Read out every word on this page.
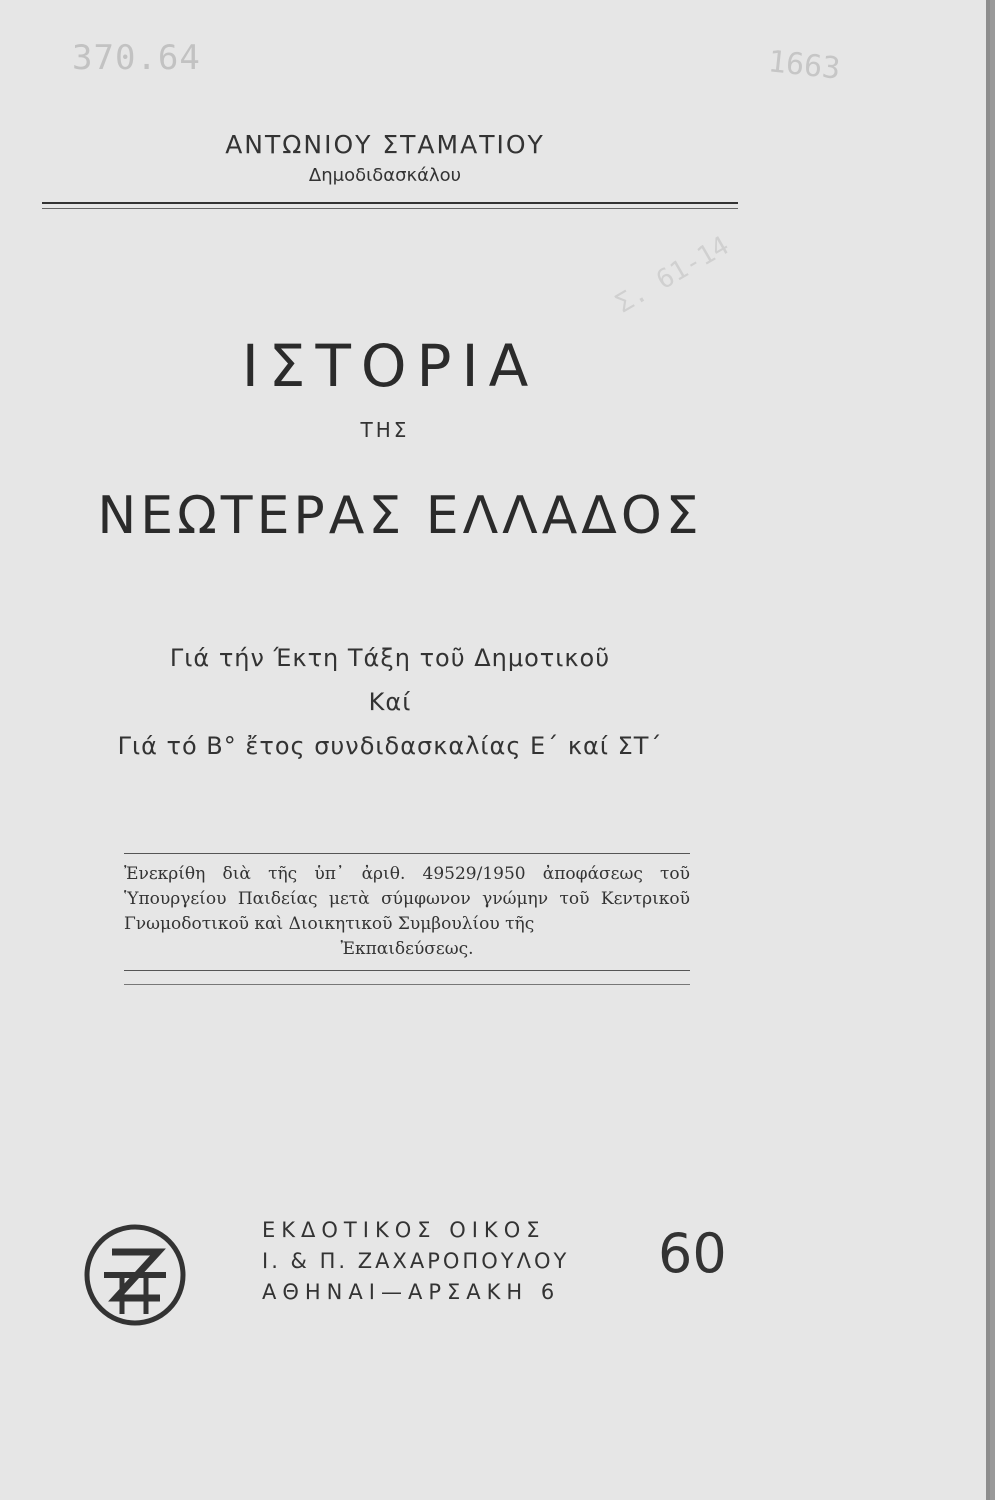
370.64	1663
Σ. 61-14
ΑΝΤΩΝΙΟΥ ΣΤΑΜΑΤΙΟΥ
Δημοδιδασκάλου
ΙΣΤΟΡΙΑ
ΤΗΣ
ΝΕΩΤΕΡΑΣ ΕΛΛΑΔΟΣ
Γιά τήν Έκτη Τάξη τοῦ Δημοτικοῦ
Καί
Γιά τό Β° ἔτος συνδιδασκαλίας Ε΄ καί ΣΤ΄
Ἐνεκρίθη διὰ τῆς ὑπ᾽ ἀριθ. 49529/1950 ἀποφάσεως τοῦ Ὑπουργείου Παιδείας μετὰ σύμφωνον γνώμην τοῦ Κεντρικοῦ Γνωμοδοτικοῦ καὶ Διοικητικοῦ Συμβουλίου τῆς
Ἐκπαιδεύσεως.
ΕΚΔΟΤΙΚΟΣ ΟΙΚΟΣ
Ι. & Π. ΖΑΧΑΡΟΠΟΥΛΟΥ
ΑΘΗΝΑΙ—ΑΡΣΑΚΗ 6
60
